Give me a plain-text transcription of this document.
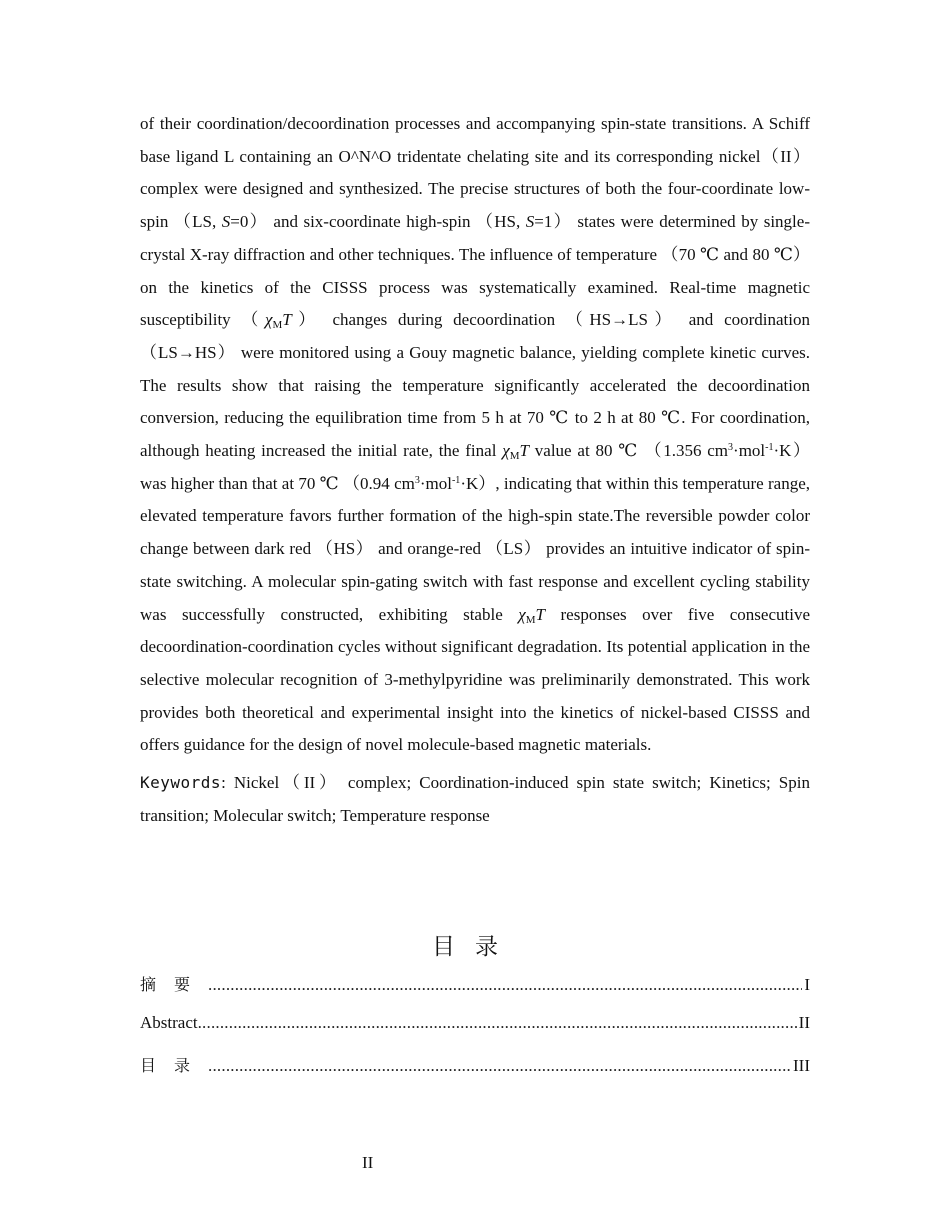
of their coordination/decoordination processes and accompanying spin-state transitions. A Schiff base ligand L containing an O^N^O tridentate chelating site and its corresponding nickel（II） complex were designed and synthesized. The precise structures of both the four-coordinate low-spin （LS, S=0） and six-coordinate high-spin （HS, S=1） states were determined by single-crystal X-ray diffraction and other techniques. The influence of temperature （70 ℃ and 80 ℃） on the kinetics of the CISSS process was systematically examined. Real-time magnetic susceptibility $(\chi_MT)$ changes during decoordination （HS→LS） and coordination （LS→HS） were monitored using a Gouy magnetic balance, yielding complete kinetic curves. The results show that raising the temperature significantly accelerated the decoordination conversion, reducing the equilibration time from 5 h at 70 ℃ to 2 h at 80 ℃. For coordination, although heating increased the initial rate, the final $\chi_MT$ value at 80 ℃ （1.356 $cm^3\cdot mol^{-1}\cdot K$） was higher than that at 70 ℃ （0.94 $cm^3\cdot mol^{-1}\cdot K$）, indicating that within this temperature range, elevated temperature favors further formation of the high-spin state.The reversible powder color change between dark red （HS） and orange-red （LS） provides an intuitive indicator of spin-state switching. A molecular spin-gating switch with fast response and excellent cycling stability was successfully constructed, exhibiting stable $\chi_MT$ responses over five consecutive decoordination-coordination cycles without significant degradation. Its potential application in the selective molecular recognition of 3-methylpyridine was preliminarily demonstrated. This work provides both theoretical and experimental insight into the kinetics of nickel-based CISSS and offers guidance for the design of novel molecule-based magnetic materials.

Keywords: Nickel（II） complex; Coordination-induced spin state switch; Kinetics; Spin transition; Molecular switch; Temperature response

目录
摘要 .....	I
Abstract .....	II
目录 .....	III
II
